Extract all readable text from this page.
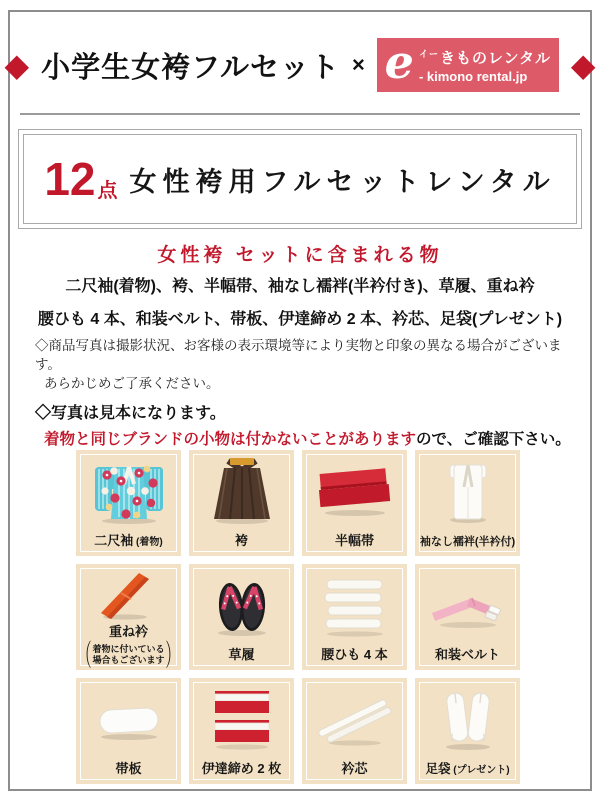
◆ 小学生女袴フルセット × e $^{イー}$きものレンタル
- kimono rental.jp ◆
12 点 女性袴用フルセットレンタル
女性袴 セットに含まれる物
二尺袖(着物)、袴、半幅帯、袖なし襦袢(半衿付き)、草履、重ね衿
腰ひも 4 本、和装ベルト、帯板、伊達締め 2 本、衿芯、足袋(プレゼント)
◇商品写真は撮影状況、お客様の表示環境等により実物と印象の異なる場合がございます。
あらかじめご了承ください。
◇写真は見本になります。
着物と同じブランドの小物は付かないことがありますので、ご確認下さい。
二尺袖 (着物)	袴	半幅帯	袖なし襦袢(半衿付)
重ね衿
（ 着物に付いている
場合もございます ）	草履	腰ひも 4 本	和装ベルト
帯板	伊達締め 2 枚	衿芯	足袋 (プレゼント)
